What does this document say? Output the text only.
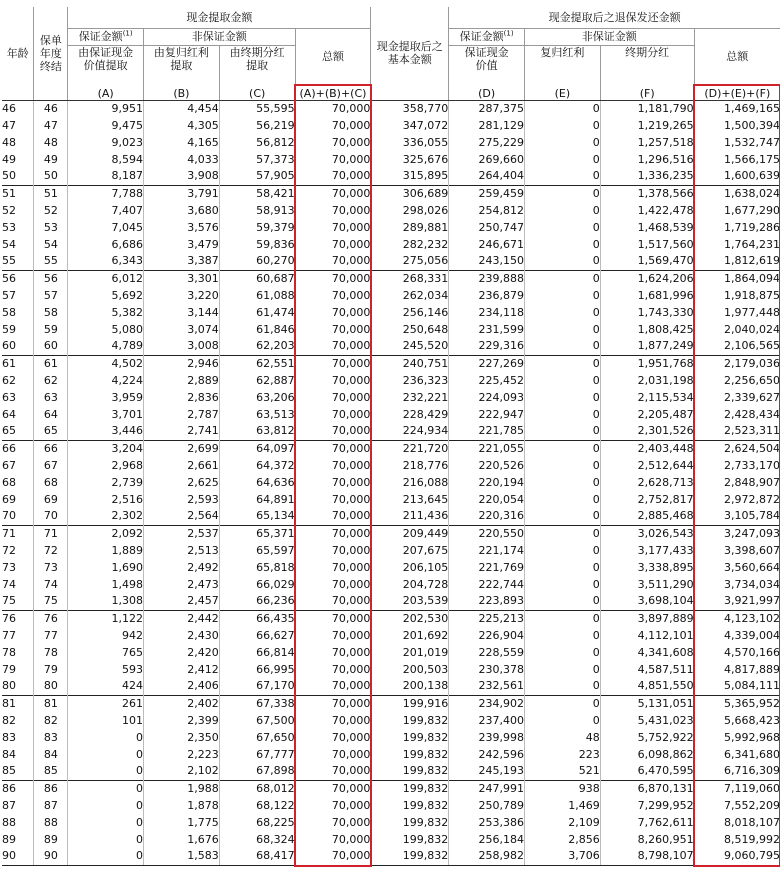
年龄	保单
年度
终结	现金提取金额				现金提取后之
基本金额	现金提取后之退保发还金额			
		保证金额$^{(1)}$	非保证金额		总额		保证金额$^{(1)}$	非保证金额		总额
		由保证现金
价值提取	由复归红利
提取	由终期分红
提取			保证现金
价值	复归红利	终期分红	
		(A)	(B)	(C)	(A)+(B)+(C)		(D)	(E)	(F)	(D)+(E)+(F)
46	46	9,951	4,454	55,595	70,000	358,770	287,375	0	1,181,790	1,469,165
47	47	9,475	4,305	56,219	70,000	347,072	281,129	0	1,219,265	1,500,394
48	48	9,023	4,165	56,812	70,000	336,055	275,229	0	1,257,518	1,532,747
49	49	8,594	4,033	57,373	70,000	325,676	269,660	0	1,296,516	1,566,175
50	50	8,187	3,908	57,905	70,000	315,895	264,404	0	1,336,235	1,600,639
51	51	7,788	3,791	58,421	70,000	306,689	259,459	0	1,378,566	1,638,024
52	52	7,407	3,680	58,913	70,000	298,026	254,812	0	1,422,478	1,677,290
53	53	7,045	3,576	59,379	70,000	289,881	250,747	0	1,468,539	1,719,286
54	54	6,686	3,479	59,836	70,000	282,232	246,671	0	1,517,560	1,764,231
55	55	6,343	3,387	60,270	70,000	275,056	243,150	0	1,569,470	1,812,619
56	56	6,012	3,301	60,687	70,000	268,331	239,888	0	1,624,206	1,864,094
57	57	5,692	3,220	61,088	70,000	262,034	236,879	0	1,681,996	1,918,875
58	58	5,382	3,144	61,474	70,000	256,146	234,118	0	1,743,330	1,977,448
59	59	5,080	3,074	61,846	70,000	250,648	231,599	0	1,808,425	2,040,024
60	60	4,789	3,008	62,203	70,000	245,520	229,316	0	1,877,249	2,106,565
61	61	4,502	2,946	62,551	70,000	240,751	227,269	0	1,951,768	2,179,036
62	62	4,224	2,889	62,887	70,000	236,323	225,452	0	2,031,198	2,256,650
63	63	3,959	2,836	63,206	70,000	232,221	224,093	0	2,115,534	2,339,627
64	64	3,701	2,787	63,513	70,000	228,429	222,947	0	2,205,487	2,428,434
65	65	3,446	2,741	63,812	70,000	224,934	221,785	0	2,301,526	2,523,311
66	66	3,204	2,699	64,097	70,000	221,720	221,055	0	2,403,448	2,624,504
67	67	2,968	2,661	64,372	70,000	218,776	220,526	0	2,512,644	2,733,170
68	68	2,739	2,625	64,636	70,000	216,088	220,194	0	2,628,713	2,848,907
69	69	2,516	2,593	64,891	70,000	213,645	220,054	0	2,752,817	2,972,872
70	70	2,302	2,564	65,134	70,000	211,436	220,316	0	2,885,468	3,105,784
71	71	2,092	2,537	65,371	70,000	209,449	220,550	0	3,026,543	3,247,093
72	72	1,889	2,513	65,597	70,000	207,675	221,174	0	3,177,433	3,398,607
73	73	1,690	2,492	65,818	70,000	206,105	221,769	0	3,338,895	3,560,664
74	74	1,498	2,473	66,029	70,000	204,728	222,744	0	3,511,290	3,734,034
75	75	1,308	2,457	66,236	70,000	203,539	223,893	0	3,698,104	3,921,997
76	76	1,122	2,442	66,435	70,000	202,530	225,213	0	3,897,889	4,123,102
77	77	942	2,430	66,627	70,000	201,692	226,904	0	4,112,101	4,339,004
78	78	765	2,420	66,814	70,000	201,019	228,559	0	4,341,608	4,570,166
79	79	593	2,412	66,995	70,000	200,503	230,378	0	4,587,511	4,817,889
80	80	424	2,406	67,170	70,000	200,138	232,561	0	4,851,550	5,084,111
81	81	261	2,402	67,338	70,000	199,916	234,902	0	5,131,051	5,365,952
82	82	101	2,399	67,500	70,000	199,832	237,400	0	5,431,023	5,668,423
83	83	0	2,350	67,650	70,000	199,832	239,998	48	5,752,922	5,992,968
84	84	0	2,223	67,777	70,000	199,832	242,596	223	6,098,862	6,341,680
85	85	0	2,102	67,898	70,000	199,832	245,193	521	6,470,595	6,716,309
86	86	0	1,988	68,012	70,000	199,832	247,991	938	6,870,131	7,119,060
87	87	0	1,878	68,122	70,000	199,832	250,789	1,469	7,299,952	7,552,209
88	88	0	1,775	68,225	70,000	199,832	253,386	2,109	7,762,611	8,018,107
89	89	0	1,676	68,324	70,000	199,832	256,184	2,856	8,260,951	8,519,992
90	90	0	1,583	68,417	70,000	199,832	258,982	3,706	8,798,107	9,060,795
